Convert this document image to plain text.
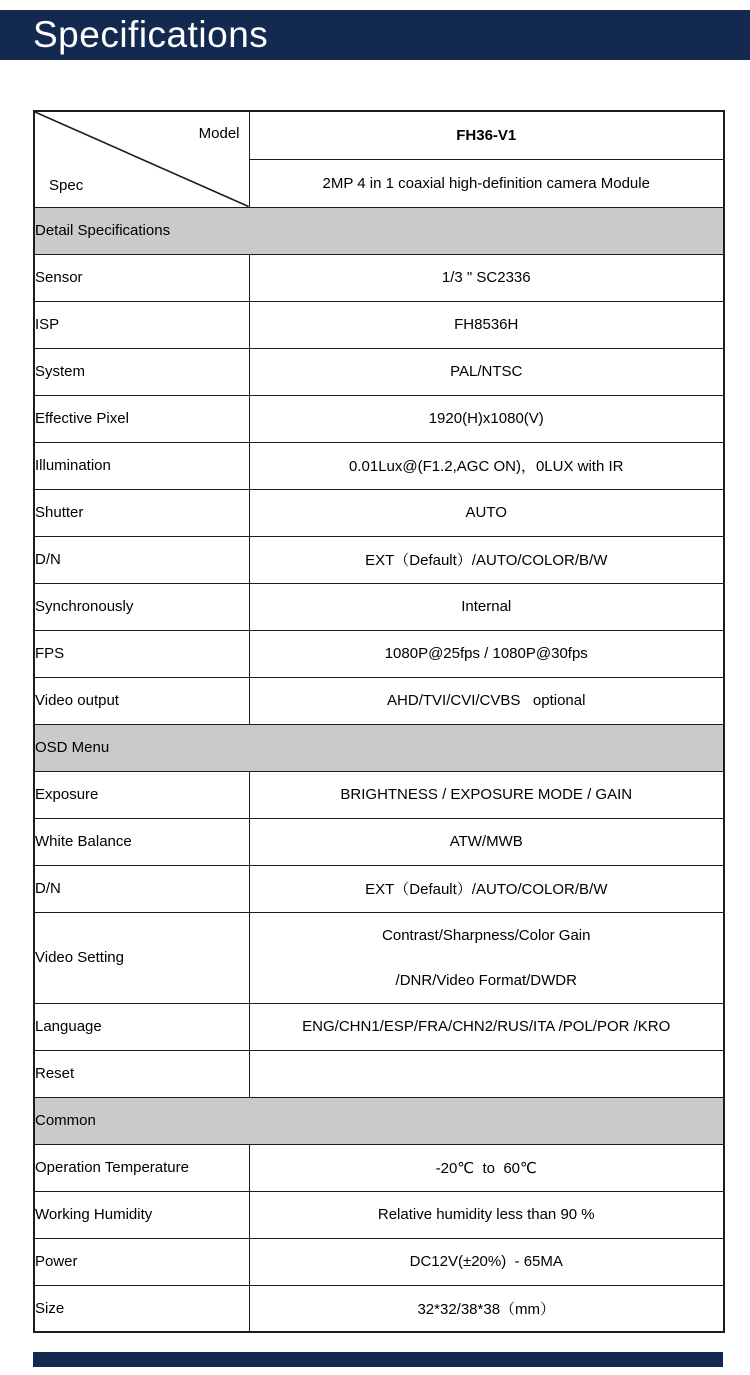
Specifications
Model
Spec	FH36-V1
	2MP 4 in 1 coaxial high-definition camera Module
Detail Specifications	
Sensor	1/3 " SC2336
ISP	FH8536H
System	PAL/NTSC
Effective Pixel	1920(H)x1080(V)
Illumination	0.01Lux@(F1.2,AGC ON)，0LUX with IR
Shutter	AUTO
D/N	EXT（Default）/AUTO/COLOR/B/W
Synchronously	Internal
FPS	1080P@25fps / 1080P@30fps
Video output	AHD/TVI/CVI/CVBS   optional
OSD Menu	
Exposure	BRIGHTNESS / EXPOSURE MODE / GAIN
White Balance	ATW/MWB
D/N	EXT（Default）/AUTO/COLOR/B/W
Video Setting	Contrast/Sharpness/Color Gain
/DNR/Video Format/DWDR

Language	ENG/CHN1/ESP/FRA/CHN2/RUS/ITA /POL/POR /KRO
Reset	
Common	
Operation Temperature	-20℃  to  60℃
Working Humidity	Relative humidity less than 90 %
Power	DC12V(±20%)  - 65MA
Size	32*32/38*38（mm）
